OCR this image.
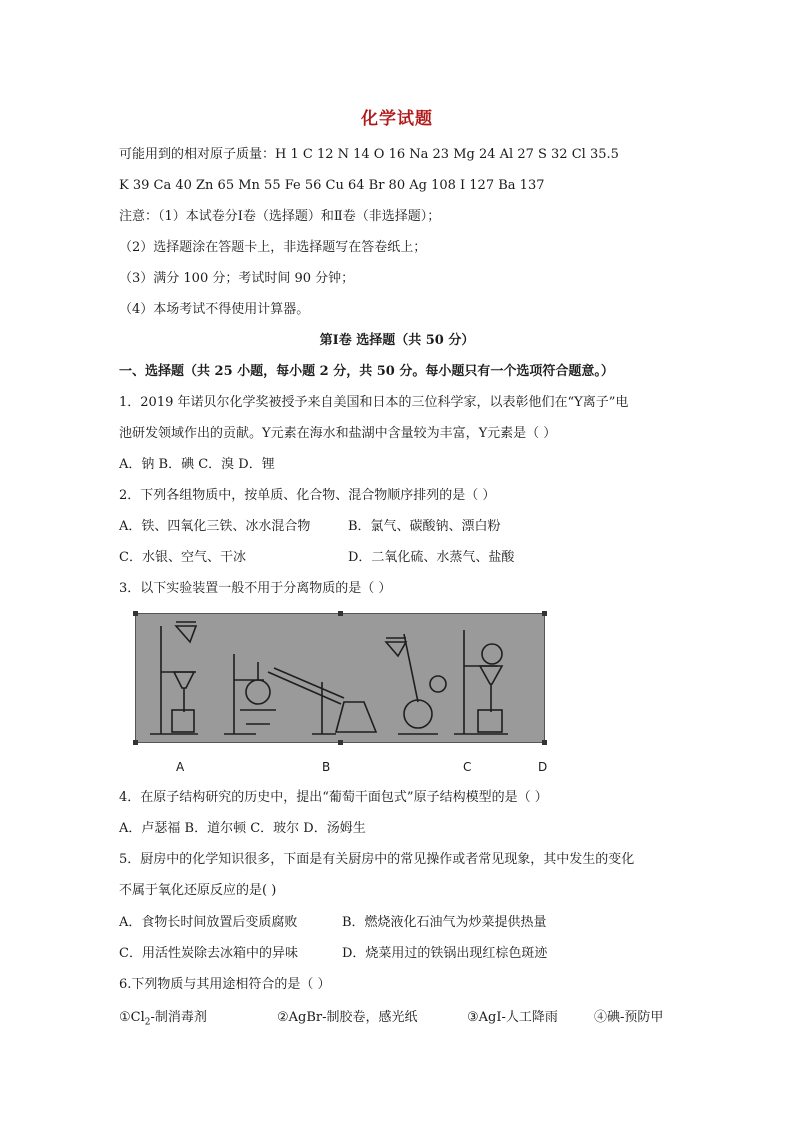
化学试题
可能用到的相对原子质量：H 1 C 12 N 14 O 16 Na 23 Mg 24 Al 27 S 32 Cl 35.5
K 39 Ca 40 Zn 65 Mn 55 Fe 56 Cu 64 Br 80 Ag 108 I 127 Ba 137
注意：（1）本试卷分Ⅰ卷（选择题）和Ⅱ卷（非选择题）；
（2）选择题涂在答题卡上，非选择题写在答卷纸上；
（3）满分 100 分；考试时间 90 分钟；
（4）本场考试不得使用计算器。
第Ⅰ卷 选择题（共 50 分）
一、选择题（共 25 小题，每小题 2 分，共 50 分。每小题只有一个选项符合题意。）
1．2019 年诺贝尔化学奖被授予来自美国和日本的三位科学家，以表彰他们在“Y离子”电
池研发领域作出的贡献。Y元素在海水和盐湖中含量较为丰富，Y元素是（ ）
A．钠 B．碘 C．溴 D．锂
2．下列各组物质中，按单质、化合物、混合物顺序排列的是（ ）
A．铁、四氧化三铁、冰水混合物	B．氯气、碳酸钠、漂白粉
C．水银、空气、干冰	D．二氧化硫、水蒸气、盐酸
3．以下实验装置一般不用于分离物质的是（ ）
A	B	C	D
4．在原子结构研究的历史中，提出“葡萄干面包式”原子结构模型的是（ ）
A．卢瑟福 B．道尔顿 C．玻尔 D．汤姆生
5．厨房中的化学知识很多，下面是有关厨房中的常见操作或者常见现象，其中发生的变化
不属于氧化还原反应的是( )
A．食物长时间放置后变质腐败	B．燃烧液化石油气为炒菜提供热量
C．用活性炭除去冰箱中的异味	D．烧菜用过的铁锅出现红棕色斑迹
6.下列物质与其用途相符合的是（ ）
$①Cl_2-$制消毒剂	②AgBr-制胶卷，感光纸	③AgI-人工降雨	④碘-预防甲
